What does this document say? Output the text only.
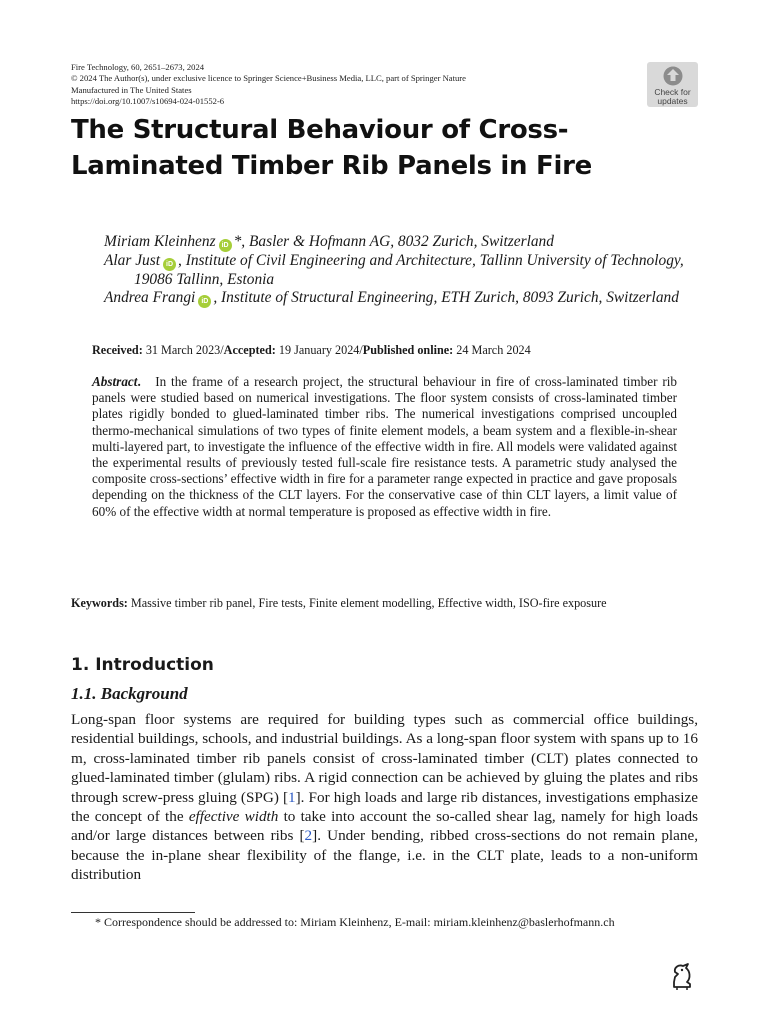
Fire Technology, 60, 2651–2673, 2024
© 2024 The Author(s), under exclusive licence to Springer Science+Business Media, LLC, part of Springer Nature
Manufactured in The United States
https://doi.org/10.1007/s10694-024-01552-6
Check for
updates
The Structural Behaviour of Cross-
Laminated Timber Rib Panels in Fire
Miriam Kleinhenz iD *, Basler & Hofmann AG, 8032 Zurich, Switzerland
Alar Just iD , Institute of Civil Engineering and Architecture, Tallinn University of Technology, 19086 Tallinn, Estonia
Andrea Frangi iD , Institute of Structural Engineering, ETH Zurich, 8093 Zurich, Switzerland
Received: 31 March 2023/Accepted: 19 January 2024/Published online: 24 March 2024

Abstract. In the frame of a research project, the structural behaviour in fire of cross-laminated timber rib panels were studied based on numerical investigations. The floor system consists of cross-laminated timber plates rigidly bonded to glued-laminated timber ribs. The numerical investigations comprised uncoupled thermo-mechanical simulations of two types of finite element models, a beam system and a flexible-in-shear multi-layered part, to investigate the influence of the effective width in fire. All models were validated against the experimental results of previously tested full-scale fire resistance tests. A parametric study analysed the composite cross-sections’ effective width in fire for a parameter range expected in practice and gave proposals depending on the thickness of the CLT layers. For the conservative case of thin CLT layers, a limit value of 60% of the effective width at normal temperature is proposed as effective width in fire.

Keywords: Massive timber rib panel, Fire tests, Finite element modelling, Effective width, ISO-fire exposure

1. Introduction
1.1. Background

Long-span floor systems are required for building types such as commercial office buildings, residential buildings, schools, and industrial buildings. As a long-span floor system with spans up to 16 m, cross-laminated timber rib panels consist of cross-laminated timber (CLT) plates connected to glued-laminated timber (glulam) ribs. A rigid connection can be achieved by gluing the plates and ribs through screw-press gluing (SPG) [1]. For high loads and large rib distances, investigations emphasize the concept of the effective width to take into account the so-called shear lag, namely for high loads and/or large distances between ribs [2]. Under bending, ribbed cross-sections do not remain plane, because the in-plane shear flexibility of the flange, i.e. in the CLT plate, leads to a non-uniform distribution

* Correspondence should be addressed to: Miriam Kleinhenz, E-mail: miriam.kleinhenz@baslerhofmann.ch
